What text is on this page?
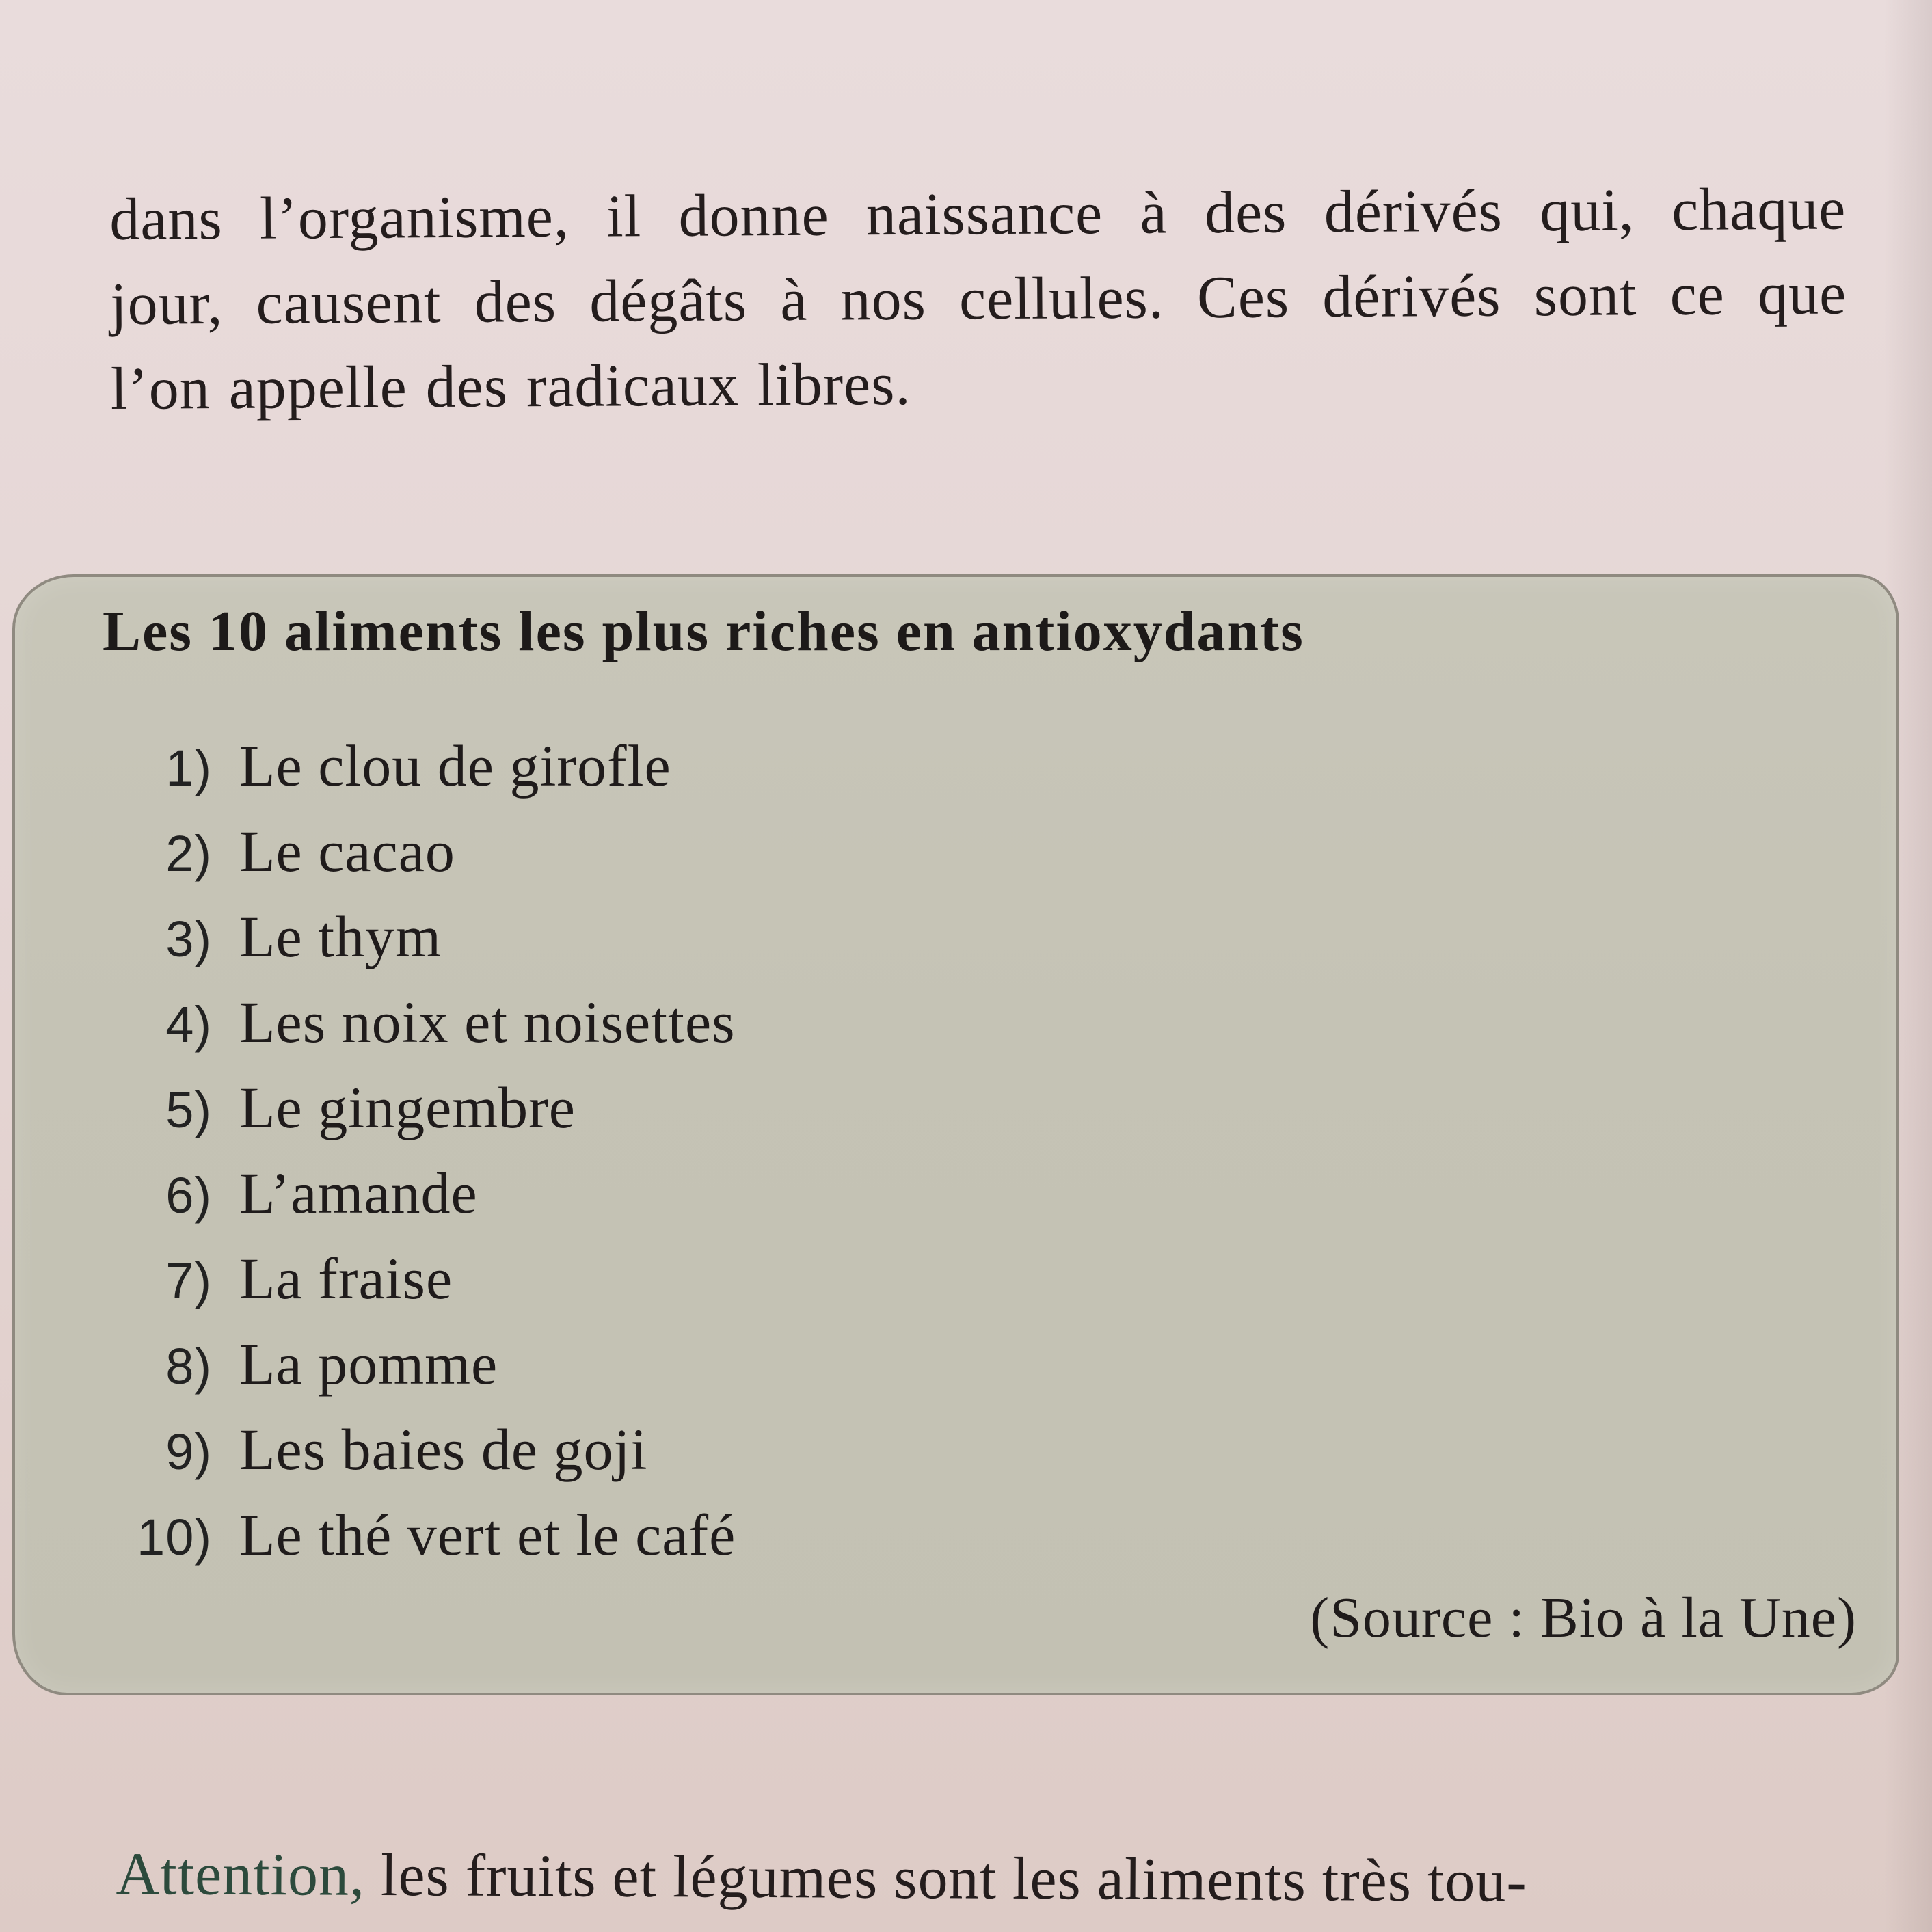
dans l’organisme, il donne naissance à des dérivés qui, chaque
jour, causent des dégâts à nos cellules. Ces dérivés sont ce que
l’on appelle des radicaux libres.
Les 10 aliments les plus riches en antioxydants
1) Le clou de girofle
2) Le cacao
3) Le thym
4) Les noix et noisettes
5) Le gingembre
6) L’amande
7) La fraise
8) La pomme
9) Les baies de goji
10) Le thé vert et le café
(Source : Bio à la Une)
Attention, les fruits et légumes sont les aliments très tou-
